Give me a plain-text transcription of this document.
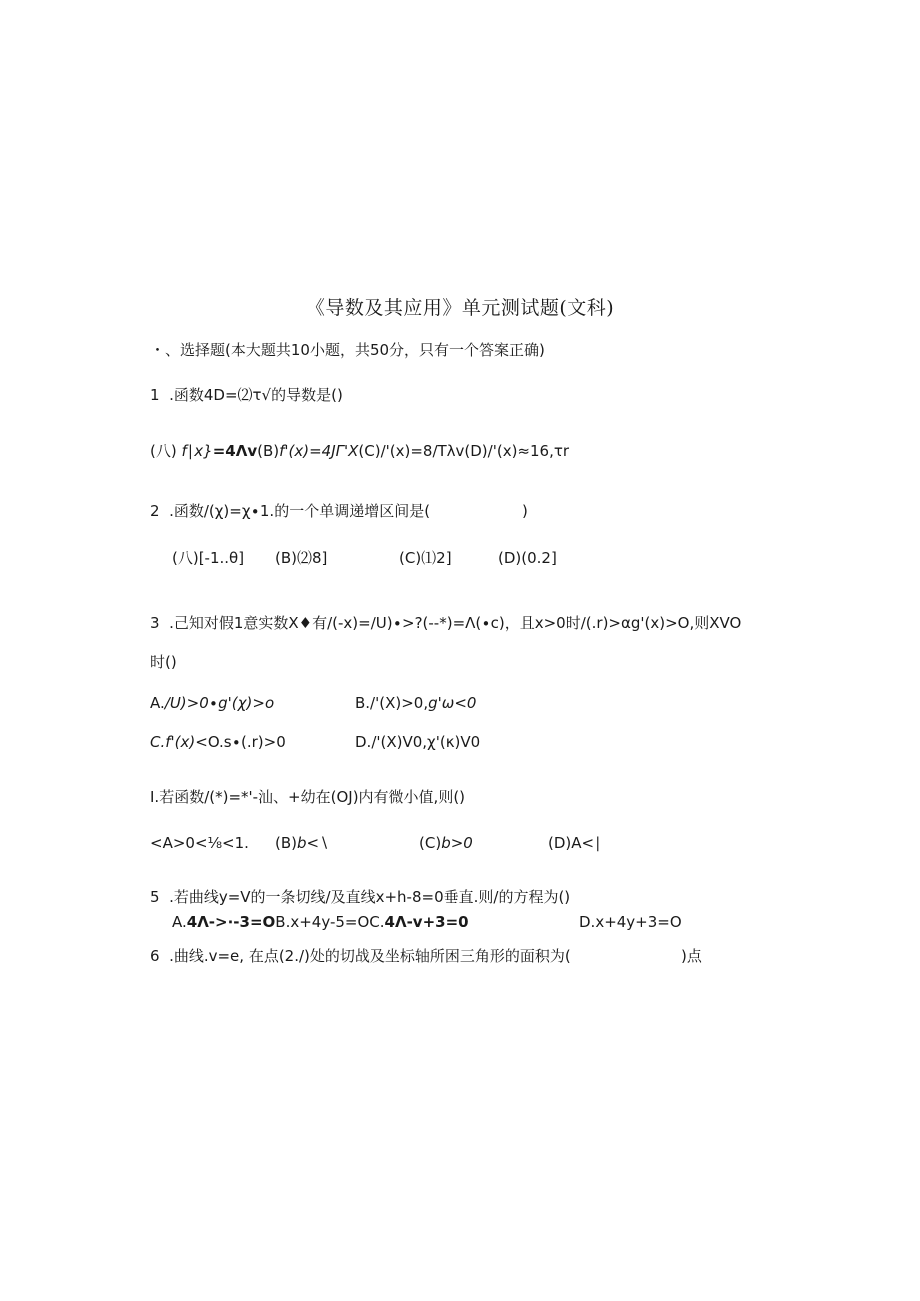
《导数及其应用》单元测试题(文科)
・、选择题(本大题共10小题，共50分，只有一个答案正确)
1  .函数4D=⑵τ√的导数是()
(八) f∣x}=4Λv(B)f'(x)=4JΓ'X(C)/'(x)=8∕Tλv(D)/'(x)≈16,τr
2  .函数/(χ)=χ∙1.的一个单调递增区间是(	)
(八)[-1..θ] (B)⑵8]	(C)⑴2]	(D)(0.2]
3  .己知对假1意实数X♦有/(-x)=∕U)∙>?(--*)=Λ(∙c)，且x>0时∕(.r)>αg'(x)>O,则XVO
时()
A.∕U)>0∙g'(χ)>o	B./'(X)>0,g'ω<0
C.f'(x)<O.s∙(.r)>0	D./'(X)V0,χ'(κ)V0
I.若函数/(*)=*'-汕、+幼在(OJ)内有微小值,则()
<A>0<⅛<1. (B)b<∖	(C)b>0	(D)A<∣
5  .若曲线y=V的一条切线/及直线x+h-8=0垂直.则/的方程为()
A.4Λ->∙-3=OB.x+4y-5=OC.4Λ-v+3=0	D.x+4y+3=O
6  .曲线.v=e, 在点(2./)处的切战及坐标轴所困三角形的面积为(	)点
